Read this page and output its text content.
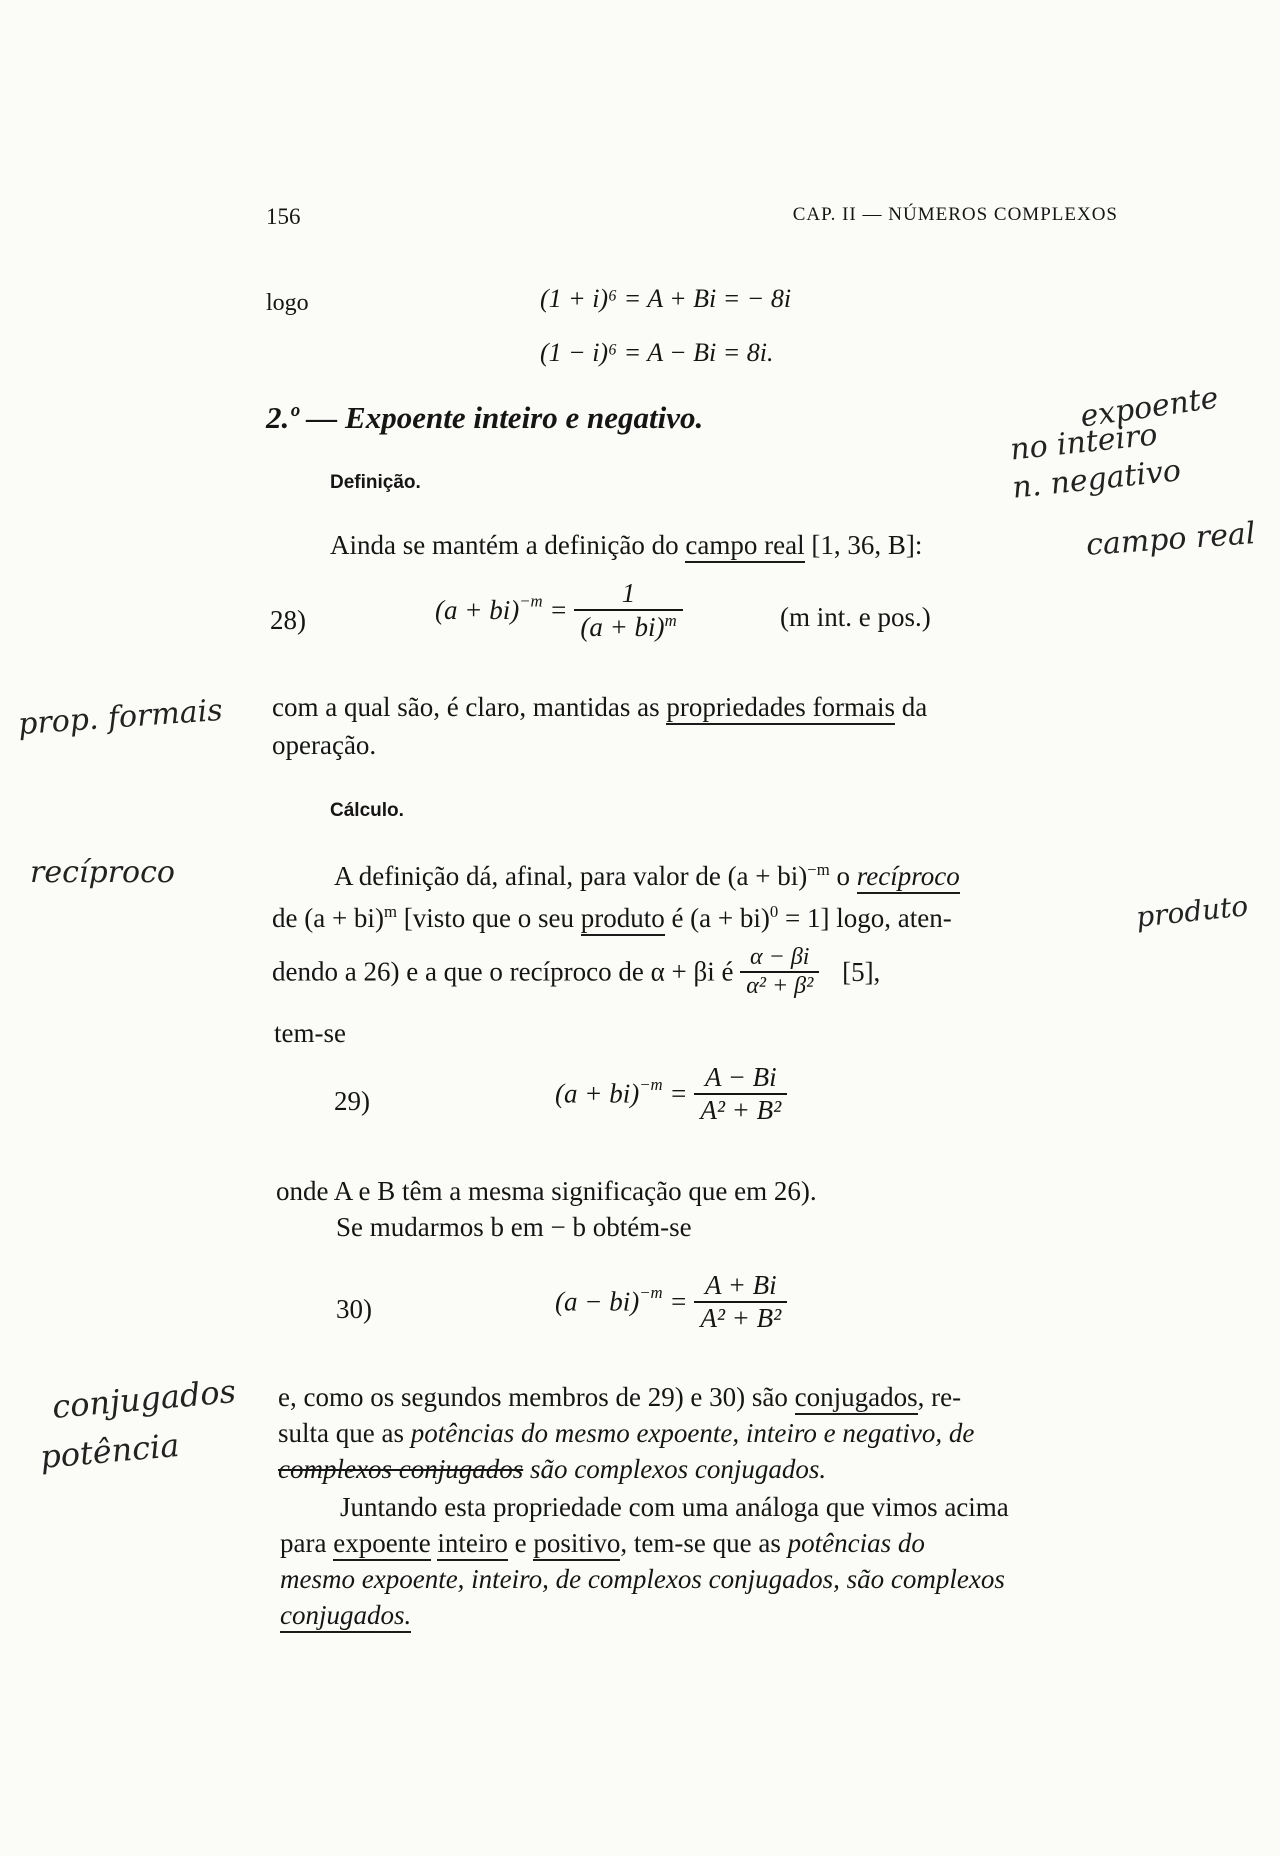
156	CAP. II — NÚMEROS COMPLEXOS
logo	(1 + i)⁶ = A + Bi = − 8i
(1 − i)⁶ = A − Bi = 8i.
2.º — Expoente inteiro e negativo.
Definição.
Ainda se mantém a definição do campo real [1, 36, B]:
28)	$(a + bi)^{-m} = \frac{1}{(a + bi)^m}$	(m int. e pos.)
com a qual são, é claro, mantidas as propriedades formais da
operação.
Cálculo.
A definição dá, afinal, para valor de (a + bi)$^{-m}$ o recíproco
de (a + bi)$^m$ [visto que o seu produto é (a + bi)$^0$ = 1] logo, aten-
dendo a 26) e a que o recíproco de α + βi é $\frac{\alpha - \beta i}{\text{α² + β²}} [5]$,
tem-se
29)	$(a + bi)^{-m} = \frac{A - Bi}{\text{A² + B²}}$
onde A e B têm a mesma significação que em 26).
Se mudarmos b em − b obtém-se
30)	$(a - bi)^{-m} = \frac{A + Bi}{\text{A² + B²}}$
e, como os segundos membros de 29) e 30) são conjugados, re-
sulta que as potências do mesmo expoente, inteiro e negativo, de
complexos conjugados são complexos conjugados.
Juntando esta propriedade com uma análoga que vimos acima
para expoente inteiro e positivo, tem-se que as potências do
mesmo expoente, inteiro, de complexos conjugados, são complexos
conjugados.
expoente
no inteiro
n. negativo
campo real
prop. formais
recíproco
produto
conjugados
potência
